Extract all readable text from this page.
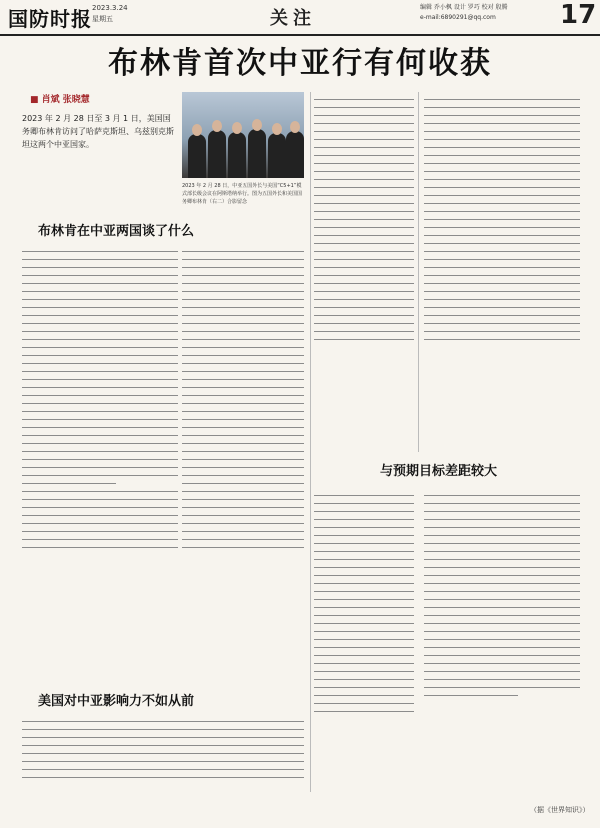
国防时报 2023.3.24
星期五	关注
编辑 乔小枫 设计 罗巧 校对 殷腾
e-mail:6890291@qq.com 17
布林肯首次中亚行有何收获
■ 肖斌 张晓慧
2023 年 2 月 28 日至 3 月 1 日，美国国务卿布林肯访问了哈萨克斯坦、乌兹别克斯坦这两个中亚国家。
2023 年 2 月 28 日，中亚五国外长与美国“C5+1”模式部长级会议在阿斯塔纳举行。图为五国外长和美国国务卿布林肯（右二）合影留念
布林肯在中亚两国谈了什么
美国对中亚影响力不如从前
与预期目标差距较大
（据《世界知识》）
